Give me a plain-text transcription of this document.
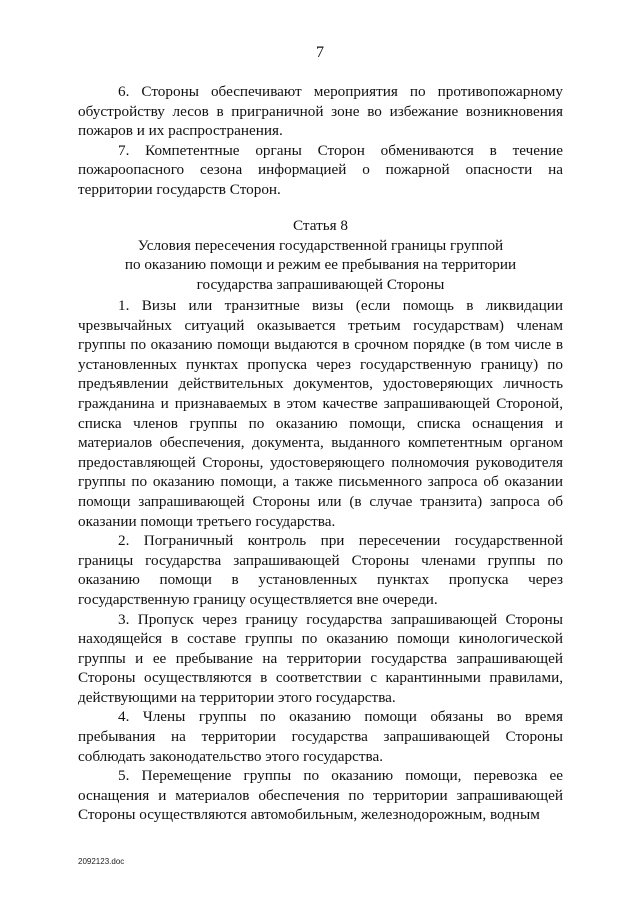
7

6. Стороны обеспечивают мероприятия по противопожарному обустройству лесов в приграничной зоне во избежание возникновения пожаров и их распространения.

7. Компетентные органы Сторон обмениваются в течение пожароопасного сезона информацией о пожарной опасности на территории государств Сторон.

Статья 8
Условия пересечения государственной границы группой
по оказанию помощи и режим ее пребывания на территории
государства запрашивающей Стороны

1. Визы или транзитные визы (если помощь в ликвидации чрезвычайных ситуаций оказывается третьим государствам) членам группы по оказанию помощи выдаются в срочном порядке (в том числе в установленных пунктах пропуска через государственную границу) по предъявлении действительных документов, удостоверяющих личность гражданина и признаваемых в этом качестве запрашивающей Стороной, списка членов группы по оказанию помощи, списка оснащения и материалов обеспечения, документа, выданного компетентным органом предоставляющей Стороны, удостоверяющего полномочия руководителя группы по оказанию помощи, а также письменного запроса об оказании помощи запрашивающей Стороны или (в случае транзита) запроса об оказании помощи третьего государства.

2. Пограничный контроль при пересечении государственной границы государства запрашивающей Стороны членами группы по оказанию помощи в установленных пунктах пропуска через государственную границу осуществляется вне очереди.

3. Пропуск через границу государства запрашивающей Стороны находящейся в составе группы по оказанию помощи кинологической группы и ее пребывание на территории государства запрашивающей Стороны осуществляются в соответствии с карантинными правилами, действующими на территории этого государства.

4. Члены группы по оказанию помощи обязаны во время пребывания на территории государства запрашивающей Стороны соблюдать законодательство этого государства.

5. Перемещение группы по оказанию помощи, перевозка ее оснащения и материалов обеспечения по территории запрашивающей Стороны осуществляются автомобильным, железнодорожным, водным

2092123.doc
